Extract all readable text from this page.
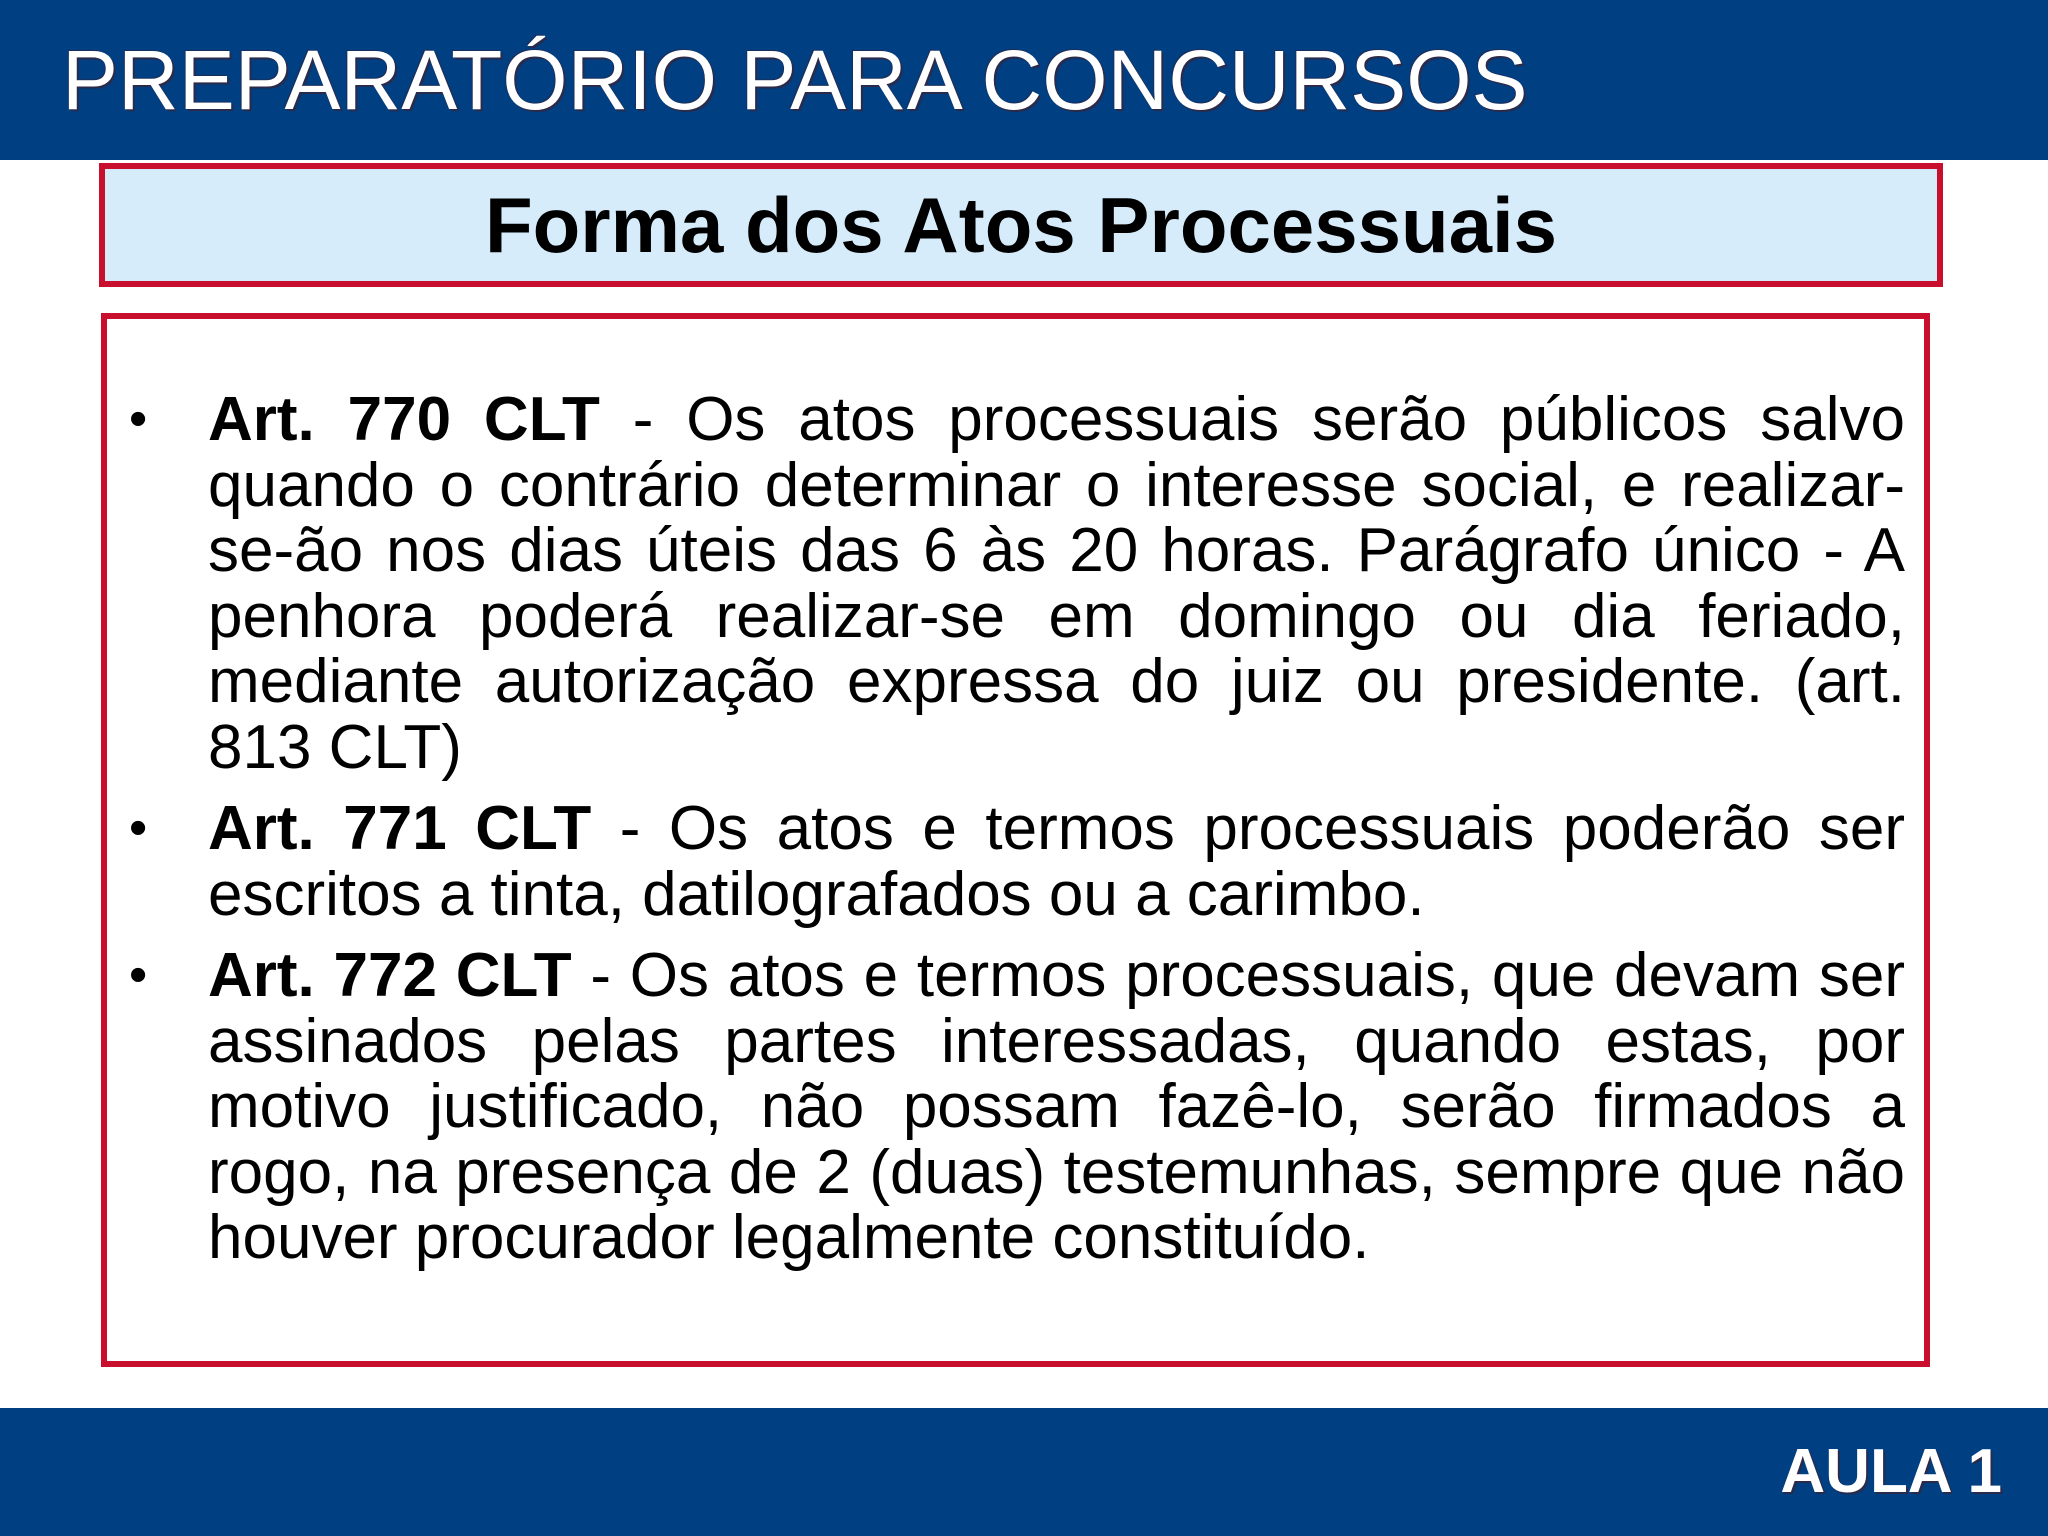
PREPARATÓRIO PARA CONCURSOS
Forma dos Atos Processuais
• Art. 770 CLT - Os atos processuais serão públicos salvo quando o contrário determinar o interesse social, e realizar-se-ão nos dias úteis das 6 às 20 horas. Parágrafo único - A penhora poderá realizar-se em domingo ou dia feriado, mediante autorização expressa do juiz ou presidente. (art. 813 CLT)
• Art. 771 CLT - Os atos e termos processuais poderão ser escritos a tinta, datilografados ou a carimbo.
• Art. 772 CLT - Os atos e termos processuais, que devam ser assinados pelas partes interessadas, quando estas, por motivo justificado, não possam fazê-lo, serão firmados a rogo, na presença de 2 (duas) testemunhas, sempre que não houver procurador legalmente constituído.
AULA 1
